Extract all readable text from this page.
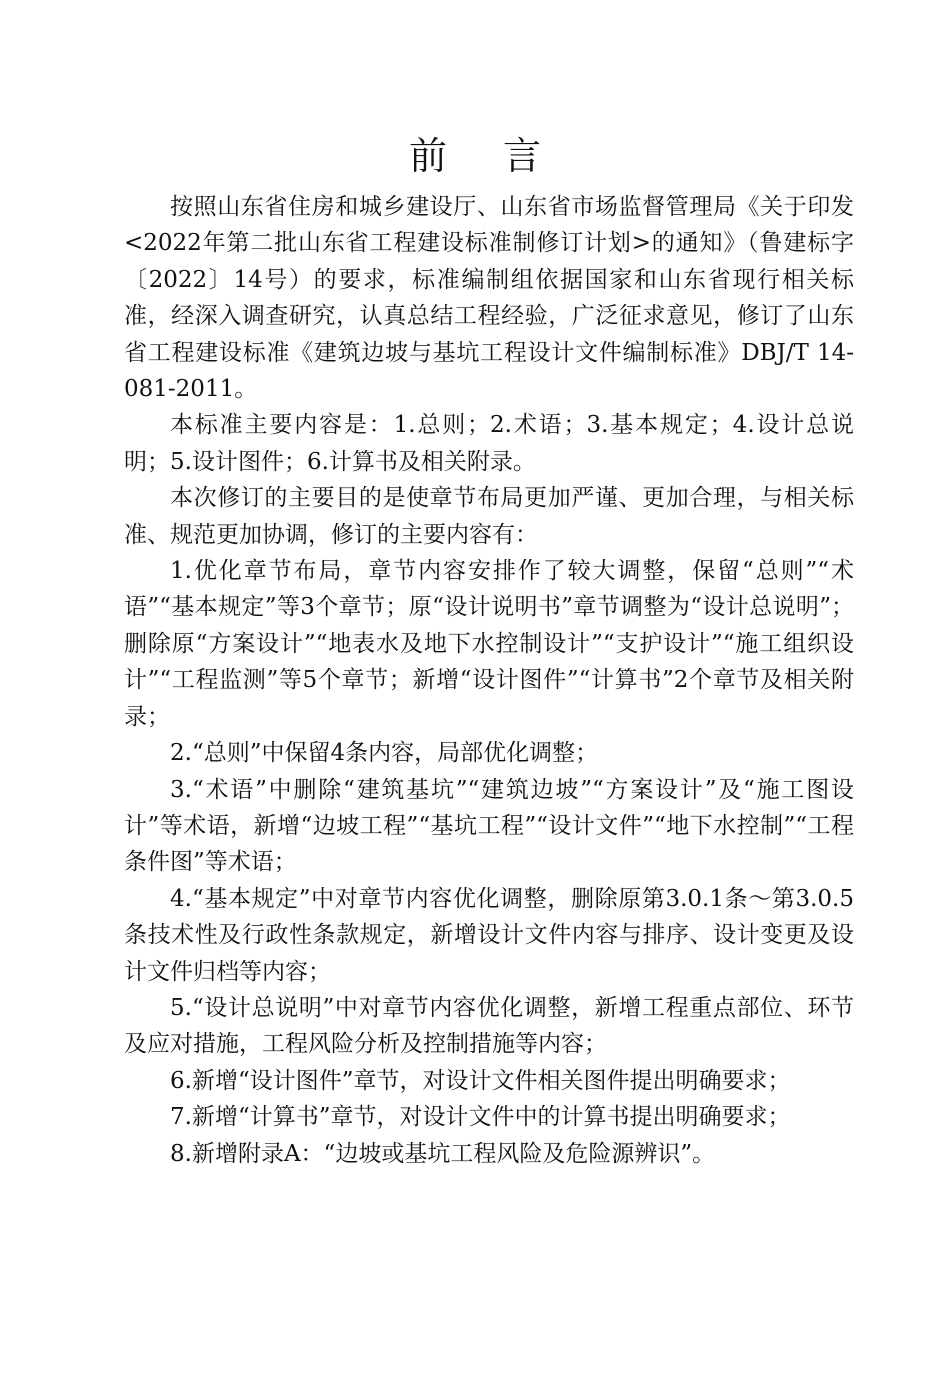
前 言

按照山东省住房和城乡建设厅、山东省市场监督管理局《关于印发<2022年第二批山东省工程建设标准制修订计划>的通知》（鲁建标字〔2022〕14号）的要求，标准编制组依据国家和山东省现行相关标准，经深入调查研究，认真总结工程经验，广泛征求意见，修订了山东省工程建设标准《建筑边坡与基坑工程设计文件编制标准》DBJ/T 14-081-2011。

本标准主要内容是：1.总则；2.术语；3.基本规定；4.设计总说明；5.设计图件；6.计算书及相关附录。

本次修订的主要目的是使章节布局更加严谨、更加合理，与相关标准、规范更加协调，修订的主要内容有：

1.优化章节布局，章节内容安排作了较大调整，保留“总则”“术语”“基本规定”等3个章节；原“设计说明书”章节调整为“设计总说明”；删除原“方案设计”“地表水及地下水控制设计”“支护设计”“施工组织设计”“工程监测”等5个章节；新增“设计图件”“计算书”2个章节及相关附录；

2.“总则”中保留4条内容，局部优化调整；

3.“术语”中删除“建筑基坑”“建筑边坡”“方案设计”及“施工图设计”等术语，新增“边坡工程”“基坑工程”“设计文件”“地下水控制”“工程条件图”等术语；

4.“基本规定”中对章节内容优化调整，删除原第3.0.1条～第3.0.5条技术性及行政性条款规定，新增设计文件内容与排序、设计变更及设计文件归档等内容；

5.“设计总说明”中对章节内容优化调整，新增工程重点部位、环节及应对措施，工程风险分析及控制措施等内容；

6.新增“设计图件”章节，对设计文件相关图件提出明确要求；

7.新增“计算书”章节，对设计文件中的计算书提出明确要求；

8.新增附录A：“边坡或基坑工程风险及危险源辨识”。
